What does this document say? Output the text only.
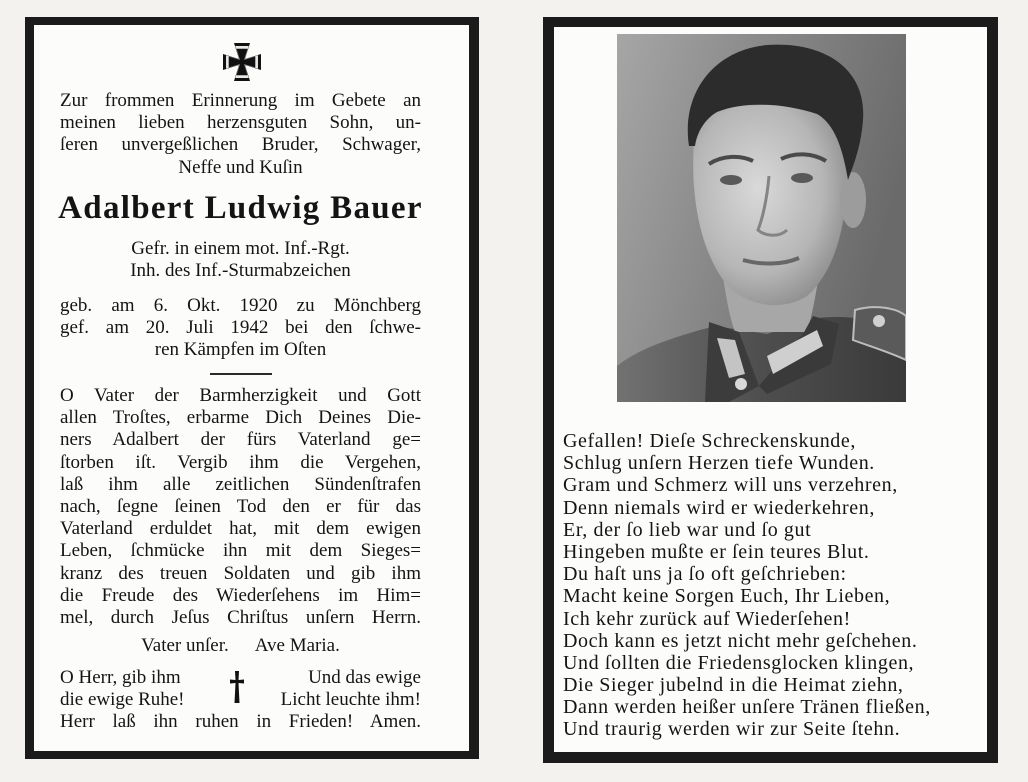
Zur frommen Erinnerung im Gebete an
meinen lieben herzensguten Sohn, un-
ſeren unvergeßlichen Bruder, Schwager,
Neffe und Kuſin
Adalbert Ludwig Bauer
Gefr. in einem mot. Inf.-Rgt.
Inh. des Inf.-Sturmabzeichen
geb. am 6. Okt. 1920 zu Mönchberg
gef. am 20. Juli 1942 bei den ſchwe-
ren Kämpfen im Oſten
O Vater der Barmherzigkeit und Gott
allen Troſtes, erbarme Dich Deines Die-
ners Adalbert der fürs Vaterland ge=
ſtorben iſt. Vergib ihm die Vergehen,
laß ihm alle zeitlichen Sündenſtrafen
nach, ſegne ſeinen Tod den er für das
Vaterland erduldet hat, mit dem ewigen
Leben, ſchmücke ihn mit dem Sieges=
kranz des treuen Soldaten und gib ihm
die Freude des Wiederſehens im Him=
mel, durch Jeſus Chriſtus unſern Herrn.
Vater unſer. Ave Maria.
O Herr, gib ihm	Und das ewige
die ewige Ruhe!	Licht leuchte ihm!
Herr laß ihn ruhen in Frieden! Amen.
Gefallen! Dieſe Schreckenskunde,
Schlug unſern Herzen tiefe Wunden.
Gram und Schmerz will uns verzehren,
Denn niemals wird er wiederkehren,
Er, der ſo lieb war und ſo gut
Hingeben mußte er ſein teures Blut.
Du haſt uns ja ſo oft geſchrieben:
Macht keine Sorgen Euch, Ihr Lieben,
Ich kehr zurück auf Wiederſehen!
Doch kann es jetzt nicht mehr geſchehen.
Und ſollten die Friedensglocken klingen,
Die Sieger jubelnd in die Heimat ziehn,
Dann werden heißer unſere Tränen fließen,
Und traurig werden wir zur Seite ſtehn.
